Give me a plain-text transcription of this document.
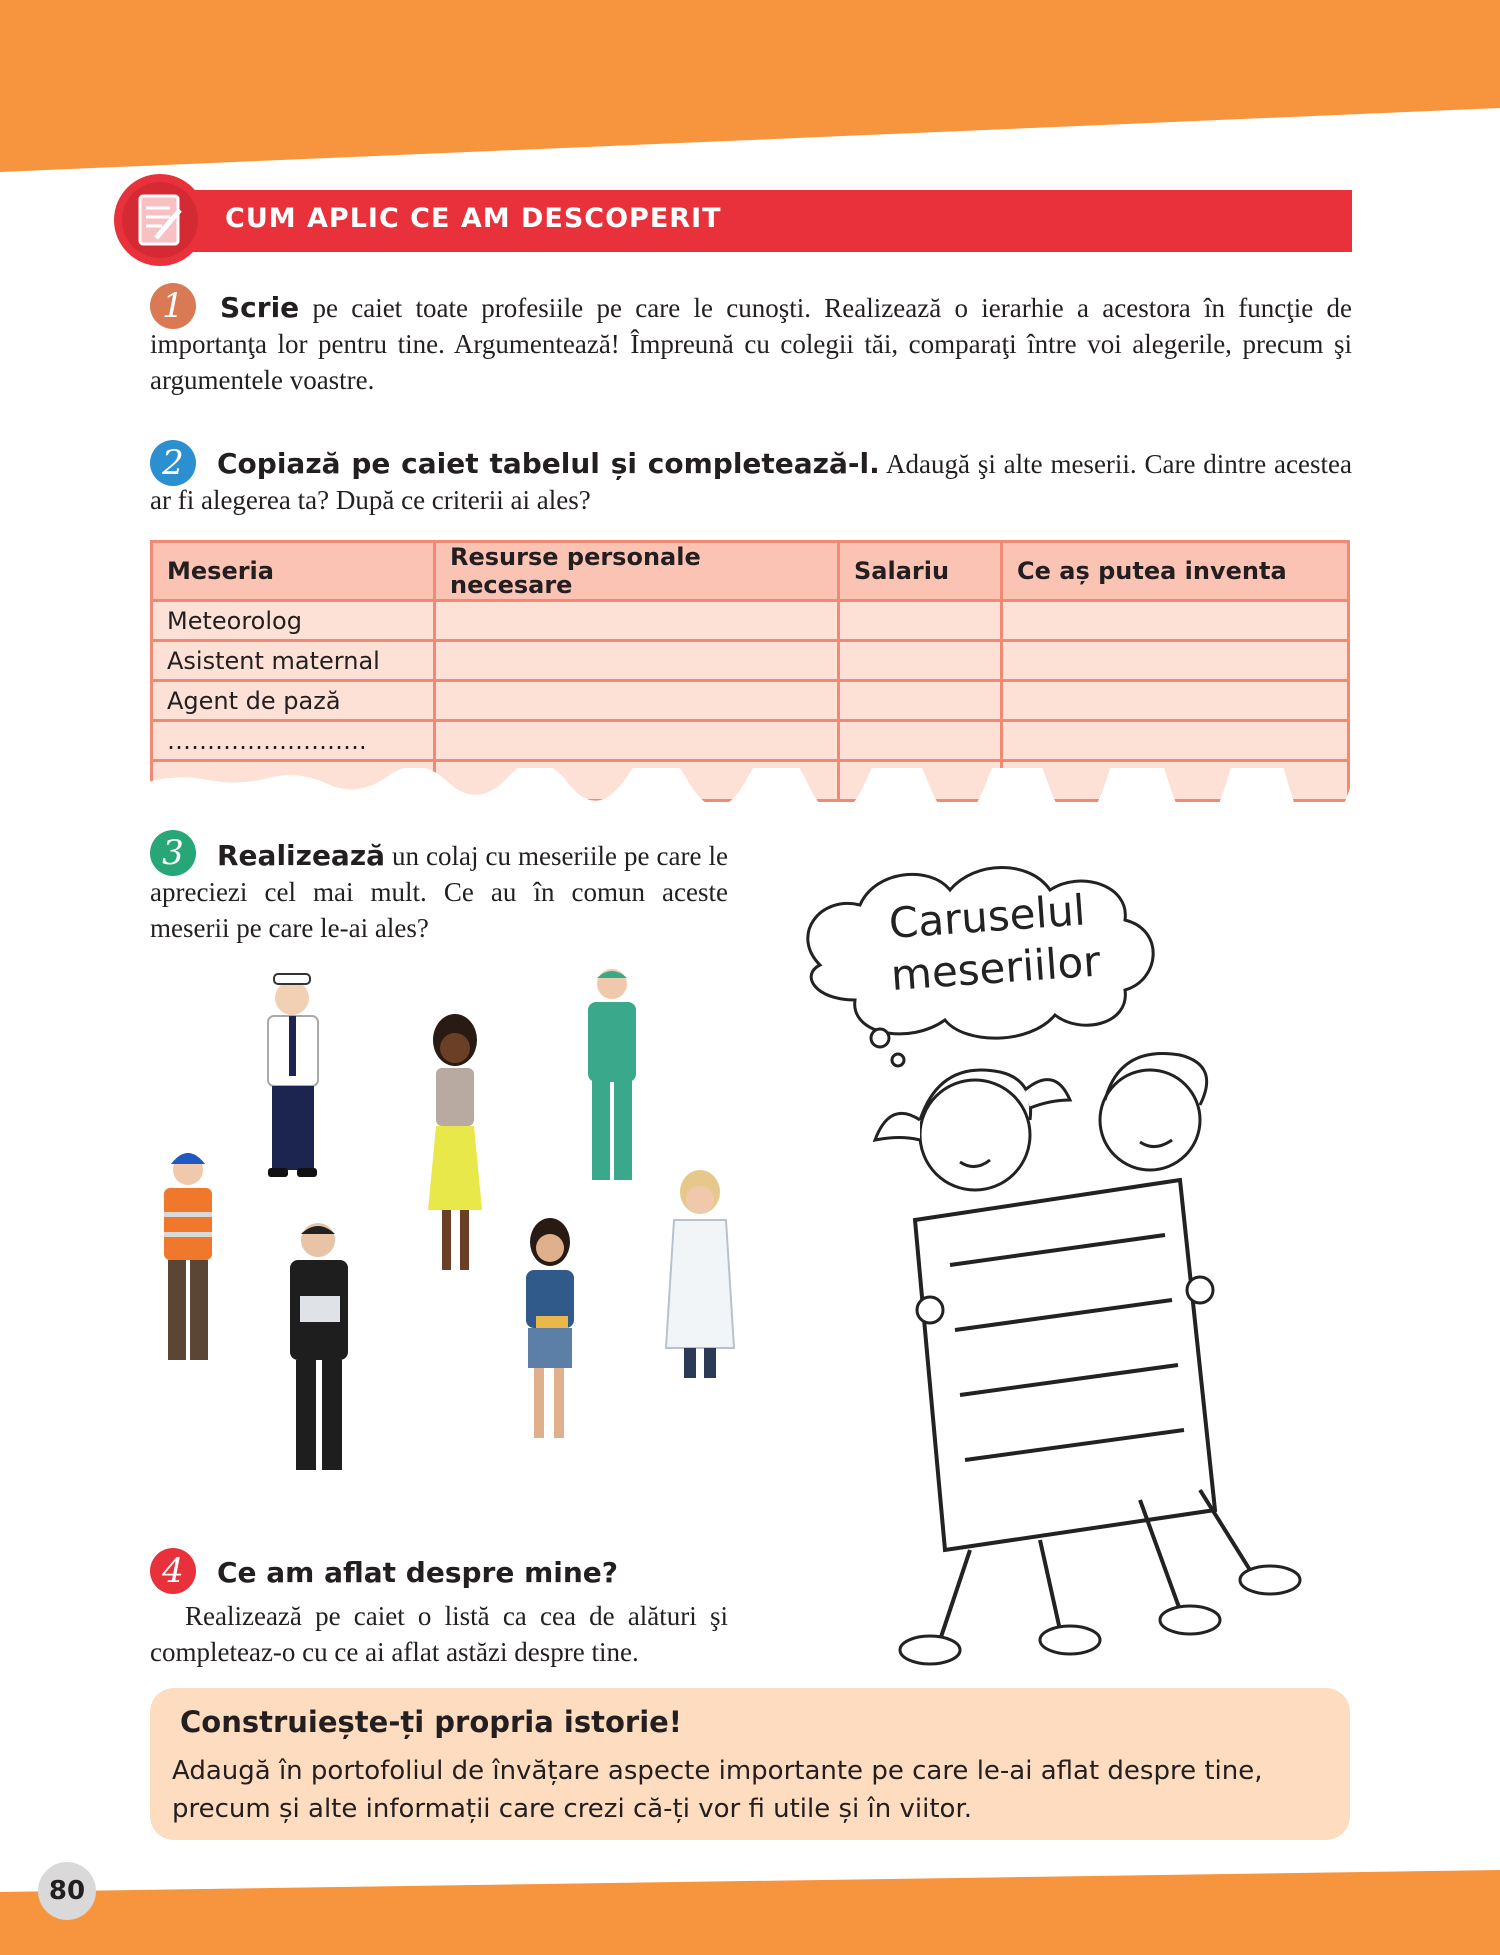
CUM APLIC CE AM DESCOPERIT
1	Scrie pe caiet toate profesiile pe care le cunoşti. Realizează o ierarhie a acestora în funcţie de importanţa lor pentru tine. Argumentează! Împreună cu colegii tăi, comparaţi între voi alegerile, precum şi argumentele voastre.
2	Copiază pe caiet tabelul și completează-l. Adaugă şi alte meserii. Care dintre acestea ar fi alegerea ta? După ce criterii ai ales?
Meseria	Resurse personale necesare	Salariu	Ce aș putea inventa
Meteorolog			
Asistent maternal			
Agent de pază			
…………………….			

3	Realizează un colaj cu meseriile pe care le apreciezi cel mai mult. Ce au în comun aceste meserii pe care le-ai ales?	Caruselul
meseriilor
4	Ce am aflat despre mine?
Realizează pe caiet o listă ca cea de alături şi completeaz-o cu ce ai aflat astăzi despre tine.
Construiește-ți propria istorie!
Adaugă în portofoliul de învățare aspecte importante pe care le-ai aflat despre tine,
precum și alte informații care crezi că-ți vor fi utile și în viitor.
80
